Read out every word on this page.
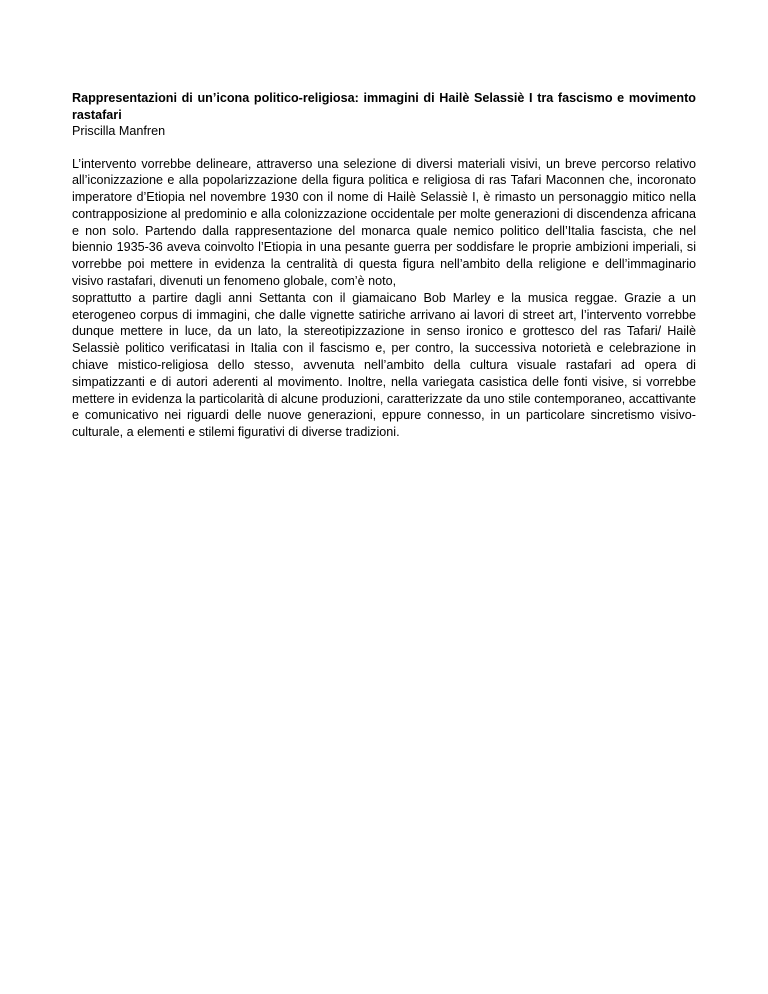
Rappresentazioni di un’icona politico-religiosa: immagini di Hailè Selassiè I tra fascismo e movimento rastafari

Priscilla Manfren

L’intervento vorrebbe delineare, attraverso una selezione di diversi materiali visivi, un breve percorso relativo all’iconizzazione e alla popolarizzazione della figura politica e religiosa di ras Tafari Maconnen che, incoronato imperatore d’Etiopia nel novembre 1930 con il nome di Hailè Selassiè I, è rimasto un personaggio mitico nella contrapposizione al predominio e alla colonizzazione occidentale per molte generazioni di discendenza africana e non solo. Partendo dalla rappresentazione del monarca quale nemico politico dell’Italia fascista, che nel biennio 1935-36 aveva coinvolto l’Etiopia in una pesante guerra per soddisfare le proprie ambizioni imperiali, si vorrebbe poi mettere in evidenza la centralità di questa figura nell’ambito della religione e dell’immaginario visivo rastafari, divenuti un fenomeno globale, com’è noto,

soprattutto a partire dagli anni Settanta con il giamaicano Bob Marley e la musica reggae. Grazie a un eterogeneo corpus di immagini, che dalle vignette satiriche arrivano ai lavori di street art, l’intervento vorrebbe dunque mettere in luce, da un lato, la stereotipizzazione in senso ironico e grottesco del ras Tafari/ Hailè Selassiè politico verificatasi in Italia con il fascismo e, per contro, la successiva notorietà e celebrazione in chiave mistico-religiosa dello stesso, avvenuta nell’ambito della cultura visuale rastafari ad opera di simpatizzanti e di autori aderenti al movimento. Inoltre, nella variegata casistica delle fonti visive, si vorrebbe mettere in evidenza la particolarità di alcune produzioni, caratterizzate da uno stile contemporaneo, accattivante e comunicativo nei riguardi delle nuove generazioni, eppure connesso, in un particolare sincretismo visivo-culturale, a elementi e stilemi figurativi di diverse tradizioni.
